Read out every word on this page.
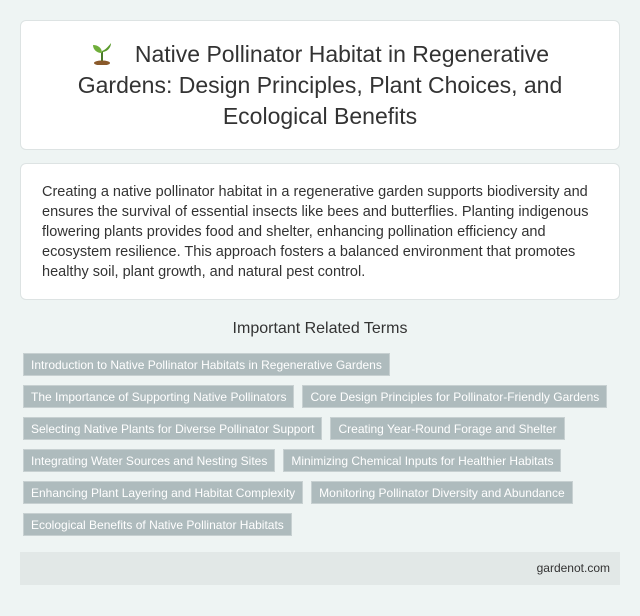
Native Pollinator Habitat in Regenerative Gardens: Design Principles, Plant Choices, and Ecological Benefits

Creating a native pollinator habitat in a regenerative garden supports biodiversity and ensures the survival of essential insects like bees and butterflies. Planting indigenous flowering plants provides food and shelter, enhancing pollination efficiency and ecosystem resilience. This approach fosters a balanced environment that promotes healthy soil, plant growth, and natural pest control.

Important Related Terms
Introduction to Native Pollinator Habitats in Regenerative Gardens
The Importance of Supporting Native Pollinators	Core Design Principles for Pollinator-Friendly Gardens
Selecting Native Plants for Diverse Pollinator Support	Creating Year-Round Forage and Shelter
Integrating Water Sources and Nesting Sites	Minimizing Chemical Inputs for Healthier Habitats
Enhancing Plant Layering and Habitat Complexity	Monitoring Pollinator Diversity and Abundance
Ecological Benefits of Native Pollinator Habitats
gardenot.com
